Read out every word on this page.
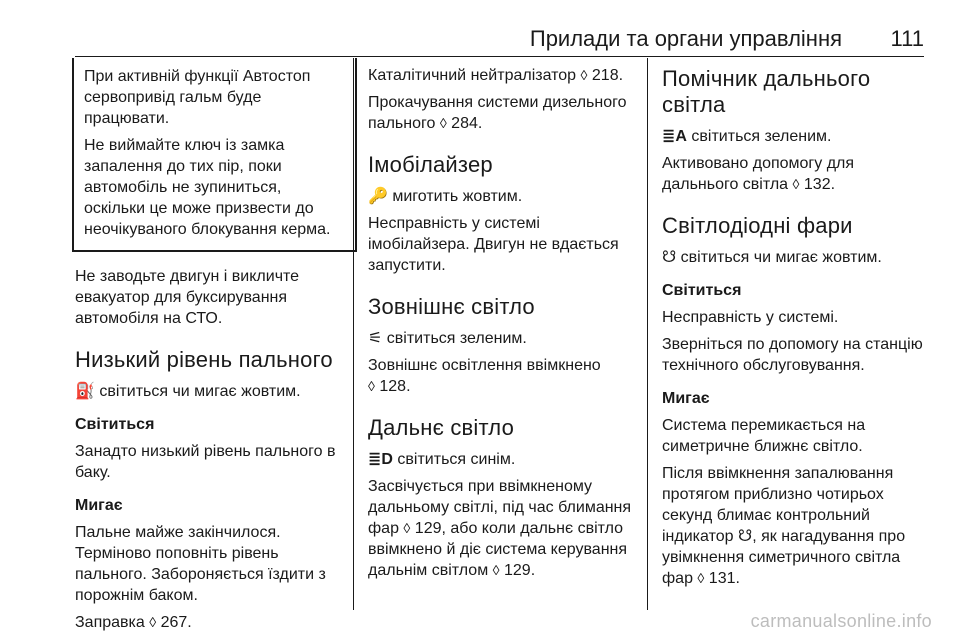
Прилади та органи управління 111

При активній функції Автостоп сервопривід гальм буде працювати.

Не виймайте ключ із замка запалення до тих пір, поки автомобіль не зупиниться, оскільки це може призвести до неочікуваного блокування керма.

Не заводьте двигун і викличте евакуатор для буксирування автомобіля на СТО.

Низький рівень пального

⛽ світиться чи мигає жовтим.

Світиться

Занадто низький рівень пального в баку.

Мигає

Пальне майже закінчилося. Терміново поповніть рівень пального. Забороняється їздити з порожнім баком.

Заправка ◊ 267.

Каталітичний нейтралізатор ◊ 218.

Прокачування системи дизельного пального ◊ 284.

Імобілайзер

🔑 миготить жовтим.

Несправність у системі імобілайзера. Двигун не вдається запустити.

Зовнішнє світло

⚟ світиться зеленим.

Зовнішнє освітлення ввімкнено
◊ 128.

Дальнє світло

≣D світиться синім.

Засвічується при ввімкненому дальньому світлі, під час блимання фар ◊ 129, або коли дальнє світло ввімкнено й діє система керування дальнім світлом ◊ 129.

Помічник дальнього світла

≣A світиться зеленим.

Активовано допомогу для дальнього світла ◊ 132.

Світлодіодні фари

☋ світиться чи мигає жовтим.

Світиться

Несправність у системі.

Зверніться по допомогу на станцію технічного обслуговування.

Мигає

Система перемикається на симетричне ближнє світло.

Після ввімкнення запалювання протягом приблизно чотирьох секунд блимає контрольний індикатор ☋, як нагадування про увімкнення симетричного світла фар ◊ 131.

carmanualsonline.info
